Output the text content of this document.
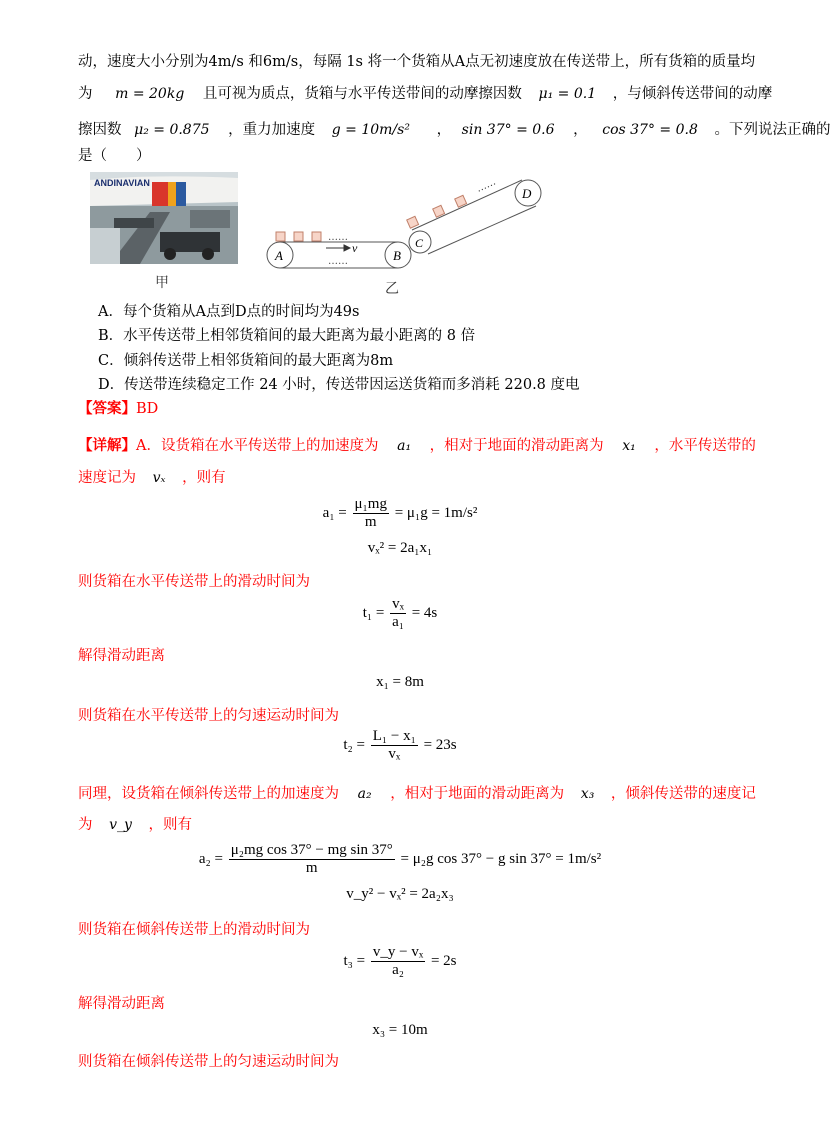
动，速度大小分别为4m/s 和6m/s，每隔 1s 将一个货箱从A点无初速度放在传送带上，所有货箱的质量均
为 m = 20kg 且可视为质点，货箱与水平传送带间的动摩擦因数 μ₁ = 0.1 ，与倾斜传送带间的动摩
擦因数 μ₂ = 0.875 ，重力加速度 g = 10m/s² ， sin 37° = 0.6 ， cos 37° = 0.8 。下列说法正确的
是（　　）
ANDINAVIAN
甲
A	B
……
……
v	C
D
……
乙
A．每个货箱从A点到D点的时间均为49s
B．水平传送带上相邻货箱间的最大距离为最小距离的 8 倍
C．倾斜传送带上相邻货箱间的最大距离为8m
D．传送带连续稳定工作 24 小时，传送带因运送货箱而多消耗 220.8 度电
【答案】BD
【详解】A．设货箱在水平传送带上的加速度为 a₁ ，相对于地面的滑动距离为 x₁ ，水平传送带的
速度记为 vₓ ，则有
$a_1 = \frac{\text{μ₁mg}}{m} = \mu_1g = 1m/s^2$
vₓ² = 2a₁x₁
则货箱在水平传送带上的滑动时间为
$t_1 = \frac{\text{vₓ}}{\text{a₁}} = 4s$
解得滑动距离
x₁ = 8m
则货箱在水平传送带上的匀速运动时间为
$t_2 = \frac{\text{L₁ − x₁}}{\text{vₓ}} = 23s$
同理，设货箱在倾斜传送带上的加速度为 a₂ ，相对于地面的滑动距离为 x₃ ，倾斜传送带的速度记
为 v_y ，则有
$a_2 = \frac{\text{μ₂mg cos 37° − mg sin 37°}}{m} = \mu_2g$ cos 37° − g sin 37° = 1m/s²
v_y² − vₓ² = 2a₂x₃
则货箱在倾斜传送带上的滑动时间为
$t_3 = \frac{\text{v\_y − vₓ}}{\text{a₂}} = 2s$
解得滑动距离
x₃ = 10m
则货箱在倾斜传送带上的匀速运动时间为
